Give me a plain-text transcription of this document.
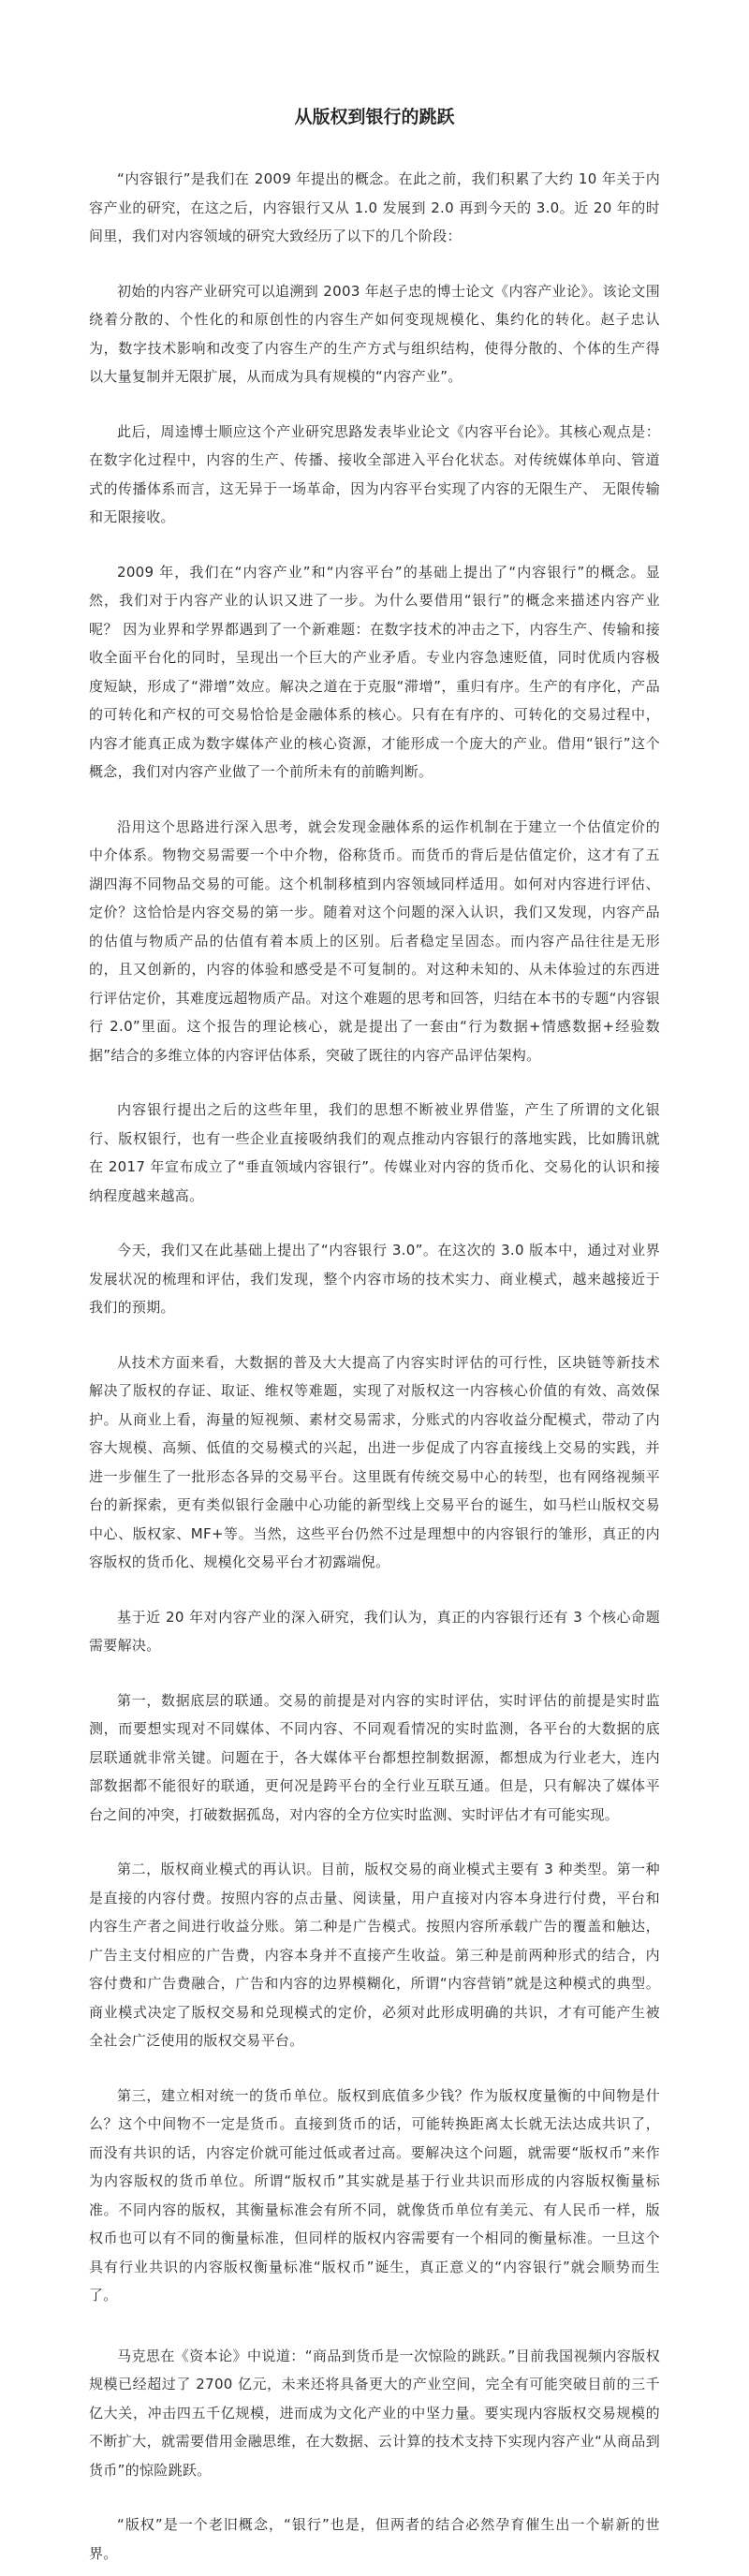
从版权到银行的跳跃

“内容银行”是我们在 2009 年提出的概念。在此之前，我们积累了大约 10 年关于内容产业的研究，在这之后，内容银行又从 1.0 发展到 2.0 再到今天的 3.0。近 20 年的时间里，我们对内容领域的研究大致经历了以下的几个阶段：

初始的内容产业研究可以追溯到 2003 年赵子忠的博士论文《内容产业论》。该论文围绕着分散的、个性化的和原创性的内容生产如何变现规模化、集约化的转化。赵子忠认为，数字技术影响和改变了内容生产的生产方式与组织结构，使得分散的、个体的生产得以大量复制并无限扩展，从而成为具有规模的“内容产业”。

此后，周逵博士顺应这个产业研究思路发表毕业论文《内容平台论》。其核心观点是：在数字化过程中，内容的生产、传播、接收全部进入平台化状态。对传统媒体单向、管道式的传播体系而言，这无异于一场革命，因为内容平台实现了内容的无限生产、 无限传输和无限接收。

2009 年，我们在“内容产业”和“内容平台”的基础上提出了“内容银行”的概念。显然，我们对于内容产业的认识又进了一步。为什么要借用“银行”的概念来描述内容产业呢？ 因为业界和学界都遇到了一个新难题：在数字技术的冲击之下，内容生产、传输和接收全面平台化的同时，呈现出一个巨大的产业矛盾。专业内容急速贬值，同时优质内容极度短缺，形成了“滞增”效应。解决之道在于克服“滞增”，重归有序。生产的有序化，产品的可转化和产权的可交易恰恰是金融体系的核心。只有在有序的、可转化的交易过程中，内容才能真正成为数字媒体产业的核心资源，才能形成一个庞大的产业。借用“银行”这个概念，我们对内容产业做了一个前所未有的前瞻判断。

沿用这个思路进行深入思考，就会发现金融体系的运作机制在于建立一个估值定价的中介体系。物物交易需要一个中介物，俗称货币。而货币的背后是估值定价，这才有了五湖四海不同物品交易的可能。这个机制移植到内容领域同样适用。如何对内容进行评估、定价？这恰恰是内容交易的第一步。随着对这个问题的深入认识，我们又发现，内容产品的估值与物质产品的估值有着本质上的区别。后者稳定呈固态。而内容产品往往是无形的，且又创新的，内容的体验和感受是不可复制的。对这种未知的、从未体验过的东西进行评估定价，其难度远超物质产品。对这个难题的思考和回答，归结在本书的专题“内容银行 2.0”里面。这个报告的理论核心，就是提出了一套由“行为数据+情感数据+经验数据”结合的多维立体的内容评估体系，突破了既往的内容产品评估架构。

内容银行提出之后的这些年里，我们的思想不断被业界借鉴，产生了所谓的文化银行、版权银行，也有一些企业直接吸纳我们的观点推动内容银行的落地实践，比如腾讯就在 2017 年宣布成立了“垂直领域内容银行”。传媒业对内容的货币化、交易化的认识和接纳程度越来越高。

今天，我们又在此基础上提出了“内容银行 3.0”。在这次的 3.0 版本中，通过对业界发展状况的梳理和评估，我们发现，整个内容市场的技术实力、商业模式，越来越接近于我们的预期。

从技术方面来看，大数据的普及大大提高了内容实时评估的可行性，区块链等新技术解决了版权的存证、取证、维权等难题，实现了对版权这一内容核心价值的有效、高效保护。从商业上看，海量的短视频、素材交易需求，分账式的内容收益分配模式，带动了内容大规模、高频、低值的交易模式的兴起，出进一步促成了内容直接线上交易的实践，并进一步催生了一批形态各异的交易平台。这里既有传统交易中心的转型，也有网络视频平台的新探索，更有类似银行金融中心功能的新型线上交易平台的诞生，如马栏山版权交易中心、版权家、MF+等。当然，这些平台仍然不过是理想中的内容银行的雏形，真正的内容版权的货币化、规模化交易平台才初露端倪。

基于近 20 年对内容产业的深入研究，我们认为，真正的内容银行还有 3 个核心命题需要解决。

第一，数据底层的联通。交易的前提是对内容的实时评估，实时评估的前提是实时监测，而要想实现对不同媒体、不同内容、不同观看情况的实时监测，各平台的大数据的底层联通就非常关键。问题在于，各大媒体平台都想控制数据源，都想成为行业老大，连内部数据都不能很好的联通，更何况是跨平台的全行业互联互通。但是，只有解决了媒体平台之间的冲突，打破数据孤岛，对内容的全方位实时监测、实时评估才有可能实现。

第二，版权商业模式的再认识。目前，版权交易的商业模式主要有 3 种类型。第一种是直接的内容付费。按照内容的点击量、阅读量，用户直接对内容本身进行付费，平台和内容生产者之间进行收益分账。第二种是广告模式。按照内容所承载广告的覆盖和触达，广告主支付相应的广告费，内容本身并不直接产生收益。第三种是前两种形式的结合，内容付费和广告费融合，广告和内容的边界模糊化，所谓“内容营销”就是这种模式的典型。商业模式决定了版权交易和兑现模式的定价，必须对此形成明确的共识，才有可能产生被全社会广泛使用的版权交易平台。

第三，建立相对统一的货币单位。版权到底值多少钱？作为版权度量衡的中间物是什么？这个中间物不一定是货币。直接到货币的话，可能转换距离太长就无法达成共识了，而没有共识的话，内容定价就可能过低或者过高。要解决这个问题，就需要“版权币”来作为内容版权的货币单位。所谓“版权币”其实就是基于行业共识而形成的内容版权衡量标准。不同内容的版权，其衡量标准会有所不同，就像货币单位有美元、有人民币一样，版权币也可以有不同的衡量标准，但同样的版权内容需要有一个相同的衡量标准。一旦这个具有行业共识的内容版权衡量标准“版权币”诞生，真正意义的“内容银行”就会顺势而生了。

马克思在《资本论》中说道：“商品到货币是一次惊险的跳跃。”目前我国视频内容版权规模已经超过了 2700 亿元，未来还将具备更大的产业空间，完全有可能突破目前的三千亿大关，冲击四五千亿规模，进而成为文化产业的中坚力量。要实现内容版权交易规模的不断扩大，就需要借用金融思维，在大数据、云计算的技术支持下实现内容产业“从商品到货币”的惊险跳跃。

“版权”是一个老旧概念，“银行”也是，但两者的结合必然孕育催生出一个崭新的世界。
